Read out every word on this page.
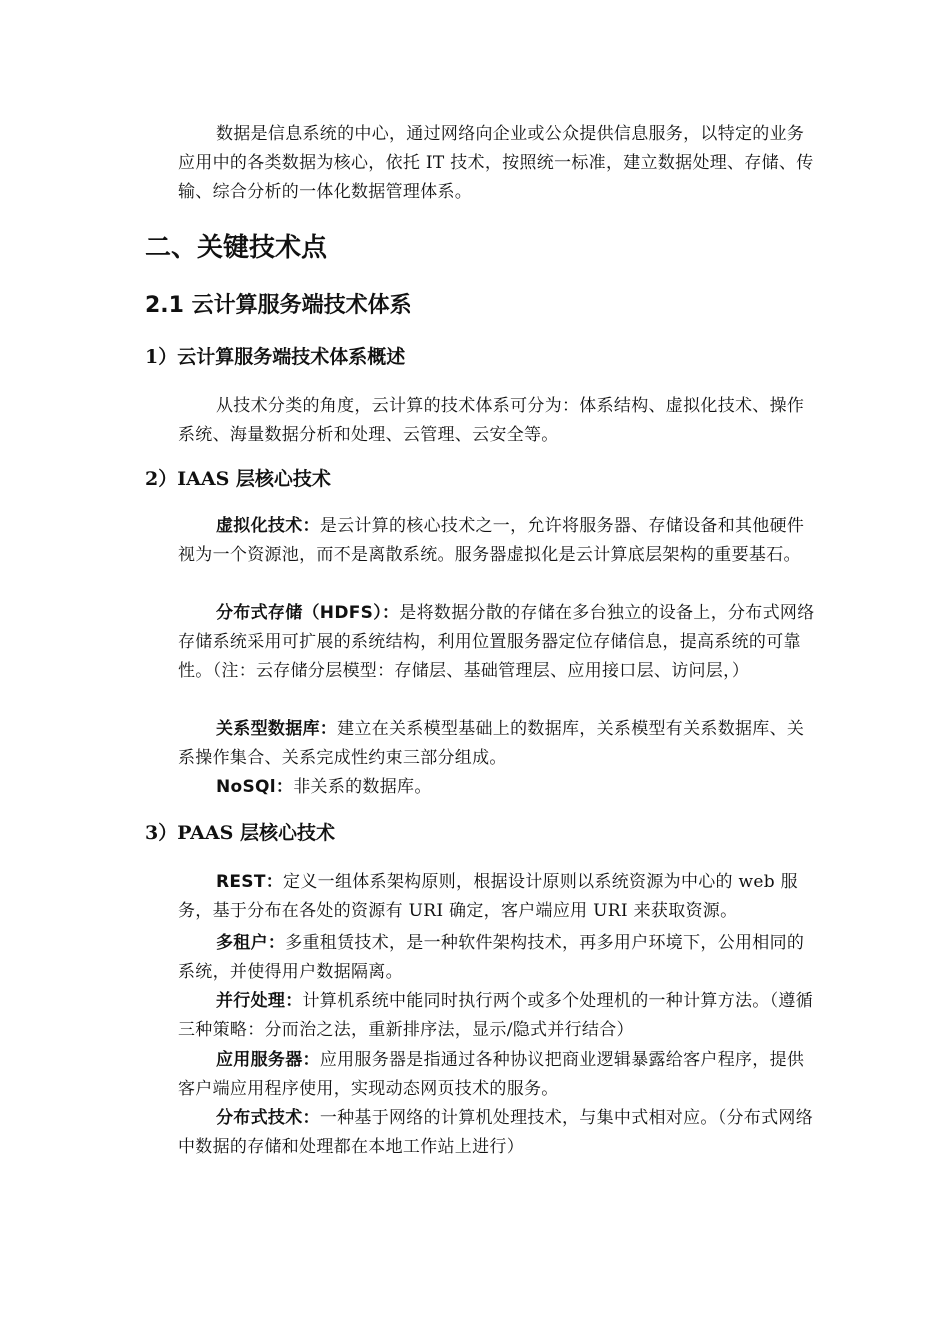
数据是信息系统的中心，通过网络向企业或公众提供信息服务，以特定的业务应用中的各类数据为核心，依托 IT 技术，按照统一标准，建立数据处理、存储、传输、综合分析的一体化数据管理体系。

二、关键技术点
2.1 云计算服务端技术体系
1）云计算服务端技术体系概述

从技术分类的角度，云计算的技术体系可分为：体系结构、虚拟化技术、操作系统、海量数据分析和处理、云管理、云安全等。

2）IAAS 层核心技术

虚拟化技术：是云计算的核心技术之一，允许将服务器、存储设备和其他硬件视为一个资源池，而不是离散系统。服务器虚拟化是云计算底层架构的重要基石。

分布式存储（HDFS）：是将数据分散的存储在多台独立的设备上，分布式网络存储系统采用可扩展的系统结构，利用位置服务器定位存储信息，提高系统的可靠性。（注：云存储分层模型：存储层、基础管理层、应用接口层、访问层，）

关系型数据库：建立在关系模型基础上的数据库，关系模型有关系数据库、关系操作集合、关系完成性约束三部分组成。

NoSQl：非关系的数据库。

3）PAAS 层核心技术

REST：定义一组体系架构原则，根据设计原则以系统资源为中心的 web 服务，基于分布在各处的资源有 URI 确定，客户端应用 URI 来获取资源。

多租户：多重租赁技术，是一种软件架构技术，再多用户环境下，公用相同的系统，并使得用户数据隔离。

并行处理：计算机系统中能同时执行两个或多个处理机的一种计算方法。（遵循三种策略：分而治之法，重新排序法，显示/隐式并行结合）

应用服务器：应用服务器是指通过各种协议把商业逻辑暴露给客户程序，提供客户端应用程序使用，实现动态网页技术的服务。

分布式技术：一种基于网络的计算机处理技术，与集中式相对应。（分布式网络中数据的存储和处理都在本地工作站上进行）
